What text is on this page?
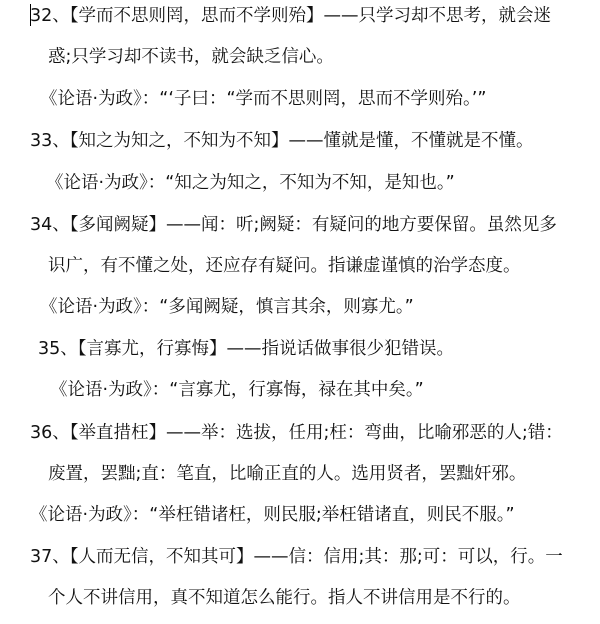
32、【学而不思则罔，思而不学则殆】——只学习却不思考，就会迷
惑;只学习却不读书，就会缺乏信心。
《论语·为政》：“‘子曰：“学而不思则罔，思而不学则殆。’”
33、【知之为知之，不知为不知】——懂就是懂，不懂就是不懂。
《论语·为政》：“知之为知之，不知为不知，是知也。”
34、【多闻阙疑】——闻：听;阙疑：有疑问的地方要保留。虽然见多
识广，有不懂之处，还应存有疑问。指谦虚谨慎的治学态度。
《论语·为政》：“多闻阙疑，慎言其余，则寡尤。”
35、【言寡尤，行寡悔】——指说话做事很少犯错误。
《论语·为政》：“言寡尤，行寡悔，禄在其中矣。”
36、【举直措枉】——举：选拔，任用;枉：弯曲，比喻邪恶的人;错：
废置，罢黜;直：笔直，比喻正直的人。选用贤者，罢黜奸邪。
《论语·为政》：“举枉错诸枉，则民服;举枉错诸直，则民不服。”
37、【人而无信，不知其可】——信：信用;其：那;可：可以，行。一
个人不讲信用，真不知道怎么能行。指人不讲信用是不行的。
